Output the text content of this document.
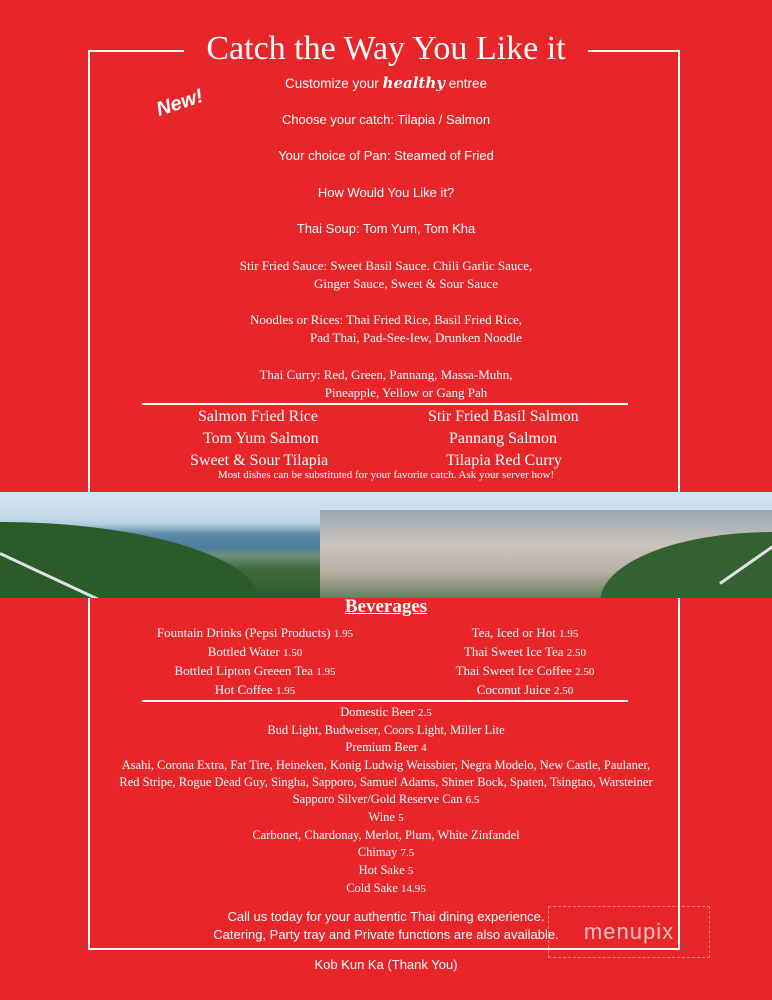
Catch the Way You Like it
New!
Customize your healthy entree
Choose your catch: Tilapia / Salmon
Your choice of Pan: Steamed of Fried
How Would You Like it?
Thai Soup: Tom Yum, Tom Kha
Stir Fried Sauce: Sweet Basil Sauce. Chili Garlic Sauce,
Ginger Sauce, Sweet & Sour Sauce
Noodles or Rices: Thai Fried Rice, Basil Fried Rice,
Pad Thai, Pad-See-Iew, Drunken Noodle
Thai Curry: Red, Green, Pannang, Massa-Muhn,
Pineapple, Yellow or Gang Pah
Salmon Fried Rice
Tom Yum Salmon
Sweet & Sour Tilapia
Stir Fried Basil Salmon
Pannang Salmon
Tilapia Red Curry
Most dishes can be substituted for your favorite catch. Ask your server how!
Beverages
Fountain Drinks (Pepsi Products) 1.95
Bottled Water 1.50
Bottled Lipton Greeen Tea 1.95
Hot Coffee 1.95
Tea, Iced or Hot 1.95
Thai Sweet Ice Tea 2.50
Thai Sweet Ice Coffee 2.50
Coconut Juice 2.50
Domestic Beer 2.5
Bud Light, Budweiser, Coors Light, Miller Lite
Premium Beer 4
Asahi, Corona Extra, Fat Tire, Heineken, Konig Ludwig Weissbier, Negra Modelo, New Castle, Paulaner,
Red Stripe, Rogue Dead Guy, Singha, Sapporo, Samuel Adams, Shiner Bock, Spaten, Tsingtao, Warsteiner
Sapporo Silver/Gold Reserve Can 6.5
Wine 5
Carbonet, Chardonay, Merlot, Plum, White Zinfandel
Chimay 7.5
Hot Sake 5
Cold Sake 14.95
Call us today for your authentic Thai dining experience.
Catering, Party tray and Private functions are also available.
Kob Kun Ka (Thank You)
menupix
